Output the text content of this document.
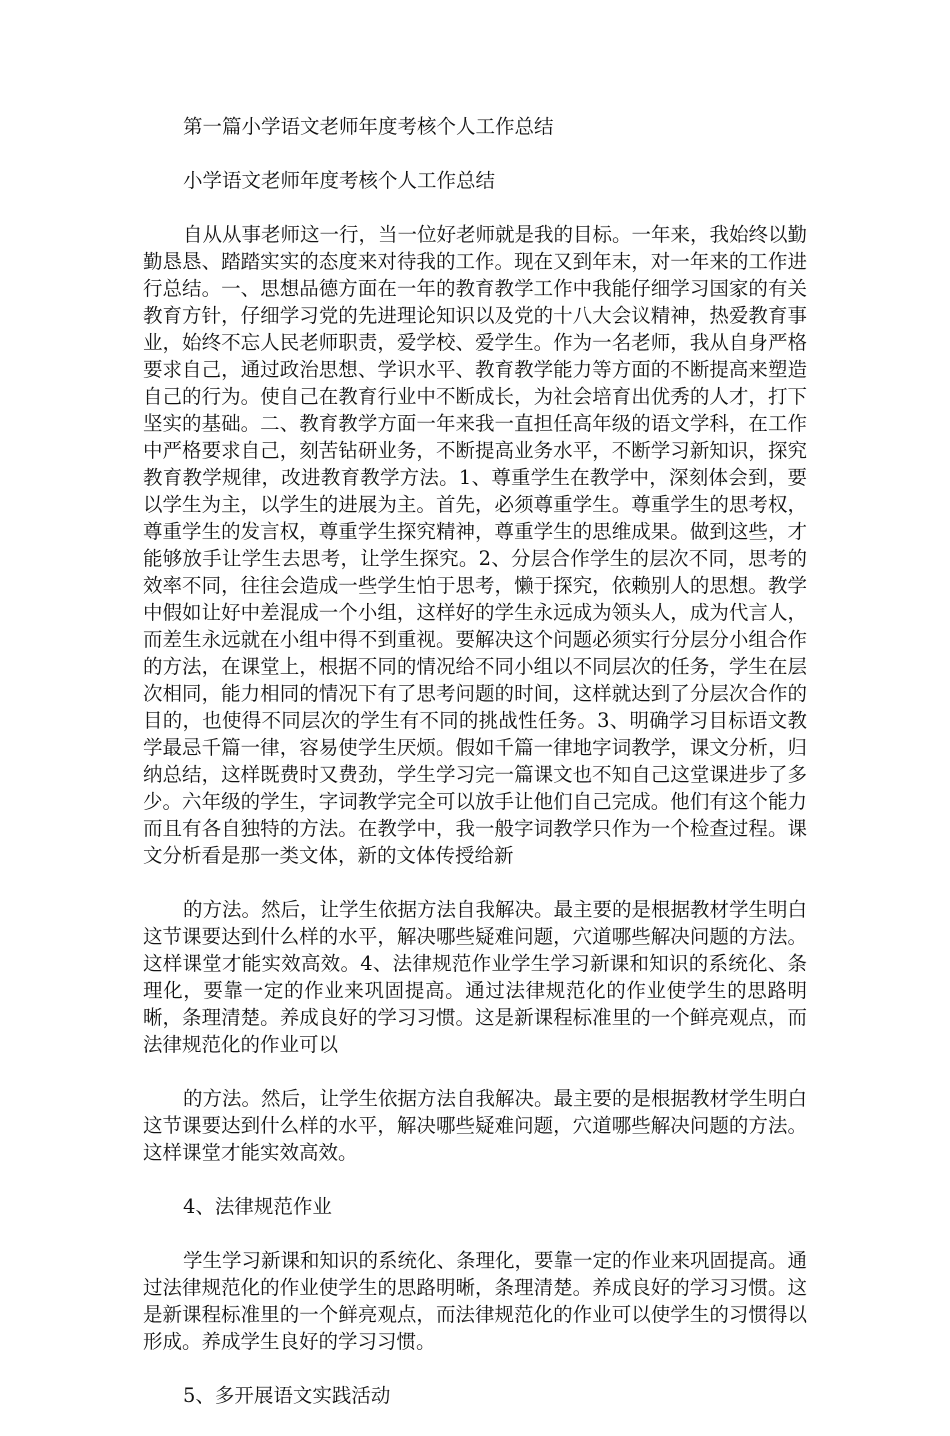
第一篇小学语文老师年度考核个人工作总结

小学语文老师年度考核个人工作总结

自从从事老师这一行，当一位好老师就是我的目标。一年来，我始终以勤勤恳恳、踏踏实实的态度来对待我的工作。现在又到年末，对一年来的工作进行总结。一、思想品德方面在一年的教育教学工作中我能仔细学习国家的有关教育方针，仔细学习党的先进理论知识以及党的十八大会议精神，热爱教育事业，始终不忘人民老师职责，爱学校、爱学生。作为一名老师，我从自身严格要求自己，通过政治思想、学识水平、教育教学能力等方面的不断提高来塑造自己的行为。使自己在教育行业中不断成长，为社会培育出优秀的人才，打下坚实的基础。二、教育教学方面一年来我一直担任高年级的语文学科，在工作中严格要求自己，刻苦钻研业务，不断提高业务水平，不断学习新知识，探究教育教学规律，改进教育教学方法。1、尊重学生在教学中，深刻体会到，要以学生为主，以学生的进展为主。首先，必须尊重学生。尊重学生的思考权，尊重学生的发言权，尊重学生探究精神，尊重学生的思维成果。做到这些，才能够放手让学生去思考，让学生探究。2、分层合作学生的层次不同，思考的效率不同，往往会造成一些学生怕于思考，懒于探究，依赖别人的思想。教学中假如让好中差混成一个小组，这样好的学生永远成为领头人，成为代言人，而差生永远就在小组中得不到重视。要解决这个问题必须实行分层分小组合作的方法，在课堂上，根据不同的情况给不同小组以不同层次的任务，学生在层次相同，能力相同的情况下有了思考问题的时间，这样就达到了分层次合作的目的，也使得不同层次的学生有不同的挑战性任务。3、明确学习目标语文教学最忌千篇一律，容易使学生厌烦。假如千篇一律地字词教学，课文分析，归纳总结，这样既费时又费劲，学生学习完一篇课文也不知自己这堂课进步了多少。六年级的学生，字词教学完全可以放手让他们自己完成。他们有这个能力而且有各自独特的方法。在教学中，我一般字词教学只作为一个检查过程。课文分析看是那一类文体，新的文体传授给新

的方法。然后，让学生依据方法自我解决。最主要的是根据教材学生明白这节课要达到什么样的水平，解决哪些疑难问题，穴道哪些解决问题的方法。这样课堂才能实效高效。4、法律规范作业学生学习新课和知识的系统化、条理化，要靠一定的作业来巩固提高。通过法律规范化的作业使学生的思路明晰，条理清楚。养成良好的学习习惯。这是新课程标准里的一个鲜亮观点，而法律规范化的作业可以

的方法。然后，让学生依据方法自我解决。最主要的是根据教材学生明白这节课要达到什么样的水平，解决哪些疑难问题，穴道哪些解决问题的方法。这样课堂才能实效高效。

4、法律规范作业

学生学习新课和知识的系统化、条理化，要靠一定的作业来巩固提高。通过法律规范化的作业使学生的思路明晰，条理清楚。养成良好的学习习惯。这是新课程标准里的一个鲜亮观点，而法律规范化的作业可以使学生的习惯得以形成。养成学生良好的学习习惯。

5、多开展语文实践活动
